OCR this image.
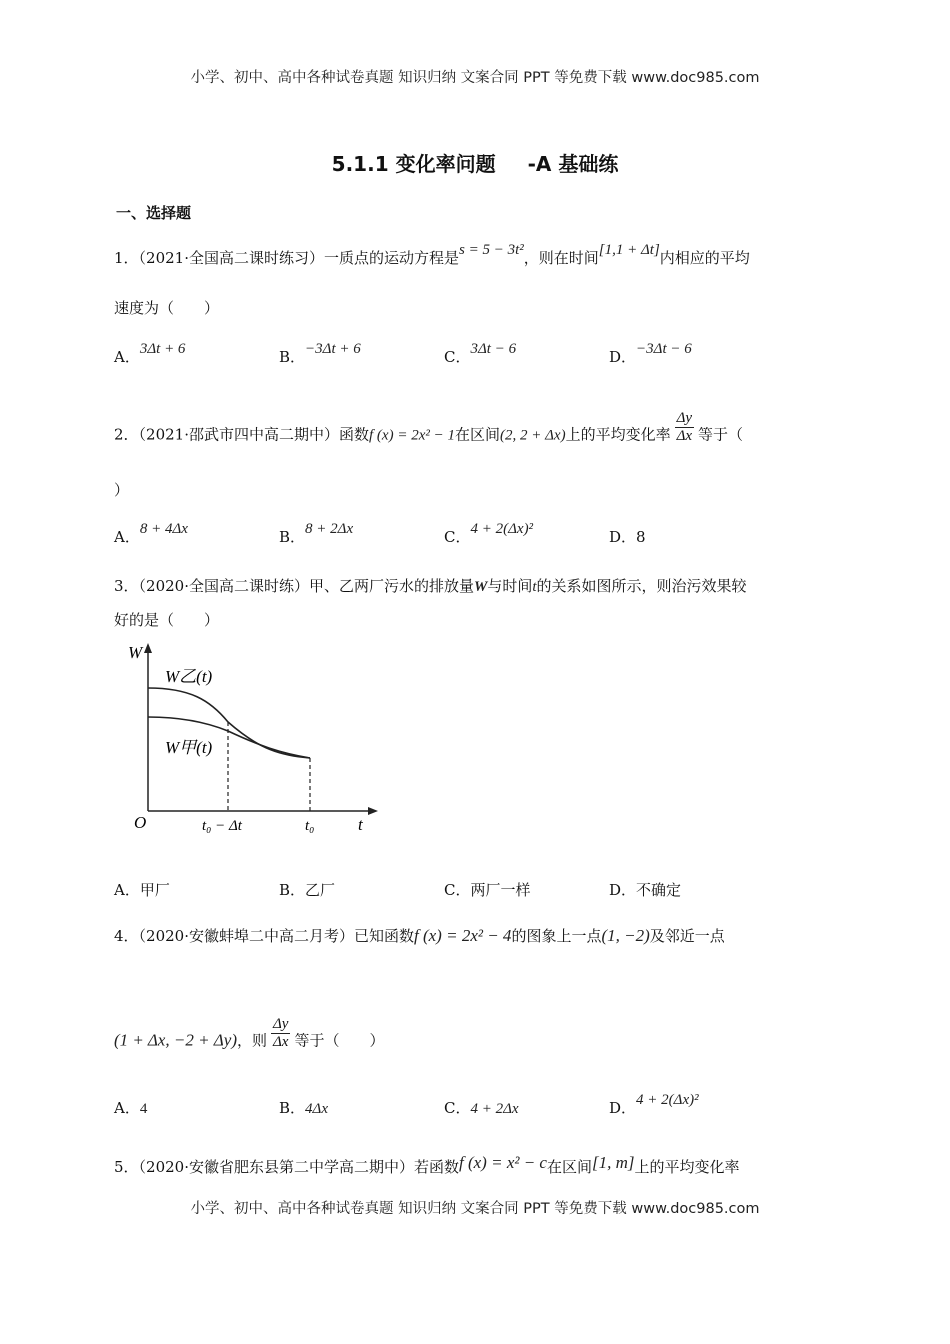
小学、初中、高中各种试卷真题 知识归纳 文案合同 PPT 等免费下载 www.doc985.com
5.1.1 变化率问题 -A 基础练
一、选择题
1．（2021·全国高二课时练习）一质点的运动方程是s = 5 − 3t²，则在时间[1,1 + Δt]内相应的平均
速度为（　　）
A．3Δt + 6	B．−3Δt + 6	C．3Δt − 6	D．−3Δt − 6
2．（2021·邵武市四中高二期中）函数f (x) = 2x² − 1在区间(2, 2 + Δx)上的平均变化率 $\frac{\Delta y}{\Delta x}$ 等于（
）
A．8 + 4Δx	B．8 + 2Δx	C．4 + 2(Δx)²	D．8
3．（2020·全国高二课时练）甲、乙两厂污水的排放量W与时间t的关系如图所示，则治污效果较
好的是（　　）
W
t
O
W乙(t)
W甲(t)
t₀ − Δt	t₀
A．甲厂	B．乙厂	C．两厂一样	D．不确定
4．（2020·安徽蚌埠二中高二月考）已知函数f (x) = 2x² − 4的图象上一点(1, −2)及邻近一点
(1 + Δx, −2 + Δy)，则 $\frac{\Delta y}{\Delta x}$ 等于（　　）
A．4	B．4Δx	C．4 + 2Δx	D．4 + 2(Δx)²
5．（2020·安徽省肥东县第二中学高二期中）若函数f (x) = x² − c在区间[1, m]上的平均变化率
小学、初中、高中各种试卷真题 知识归纳 文案合同 PPT 等免费下载 www.doc985.com
